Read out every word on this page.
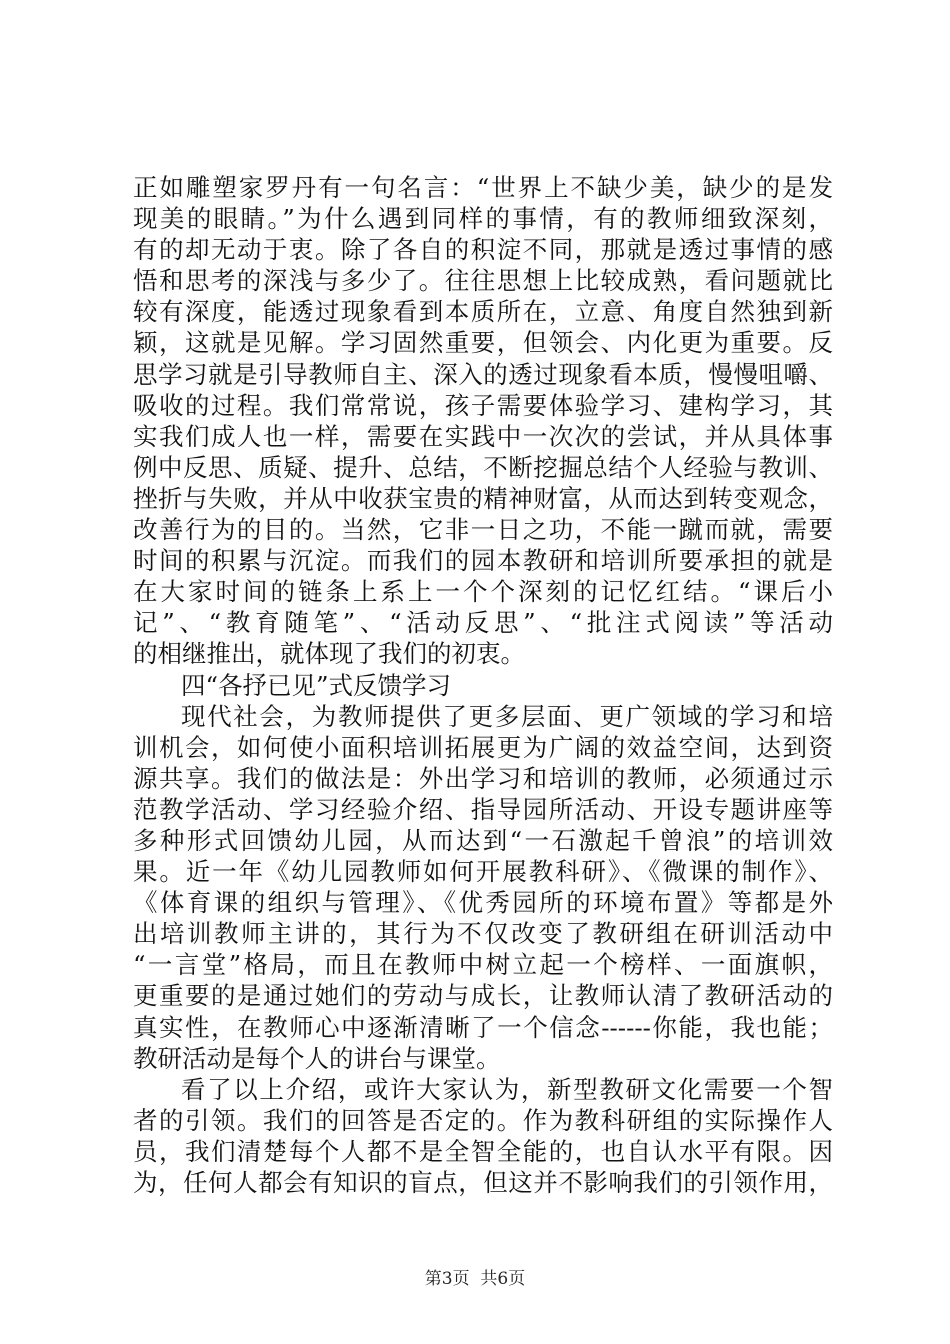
正如雕塑家罗丹有一句名言：“世界上不缺少美，缺少的是发
现美的眼睛。”为什么遇到同样的事情，有的教师细致深刻，
有的却无动于衷。除了各自的积淀不同，那就是透过事情的感
悟和思考的深浅与多少了。往往思想上比较成熟，看问题就比
较有深度，能透过现象看到本质所在，立意、角度自然独到新
颖，这就是见解。学习固然重要，但领会、内化更为重要。反
思学习就是引导教师自主、深入的透过现象看本质，慢慢咀嚼、
吸收的过程。我们常常说，孩子需要体验学习、建构学习，其
实我们成人也一样，需要在实践中一次次的尝试，并从具体事
例中反思、质疑、提升、总结，不断挖掘总结个人经验与教训、
挫折与失败，并从中收获宝贵的精神财富，从而达到转变观念，
改善行为的目的。当然，它非一日之功，不能一蹴而就，需要
时间的积累与沉淀。而我们的园本教研和培训所要承担的就是
在大家时间的链条上系上一个个深刻的记忆红结。“课后小
记”、“教育随笔”、“活动反思”、“批注式阅读”等活动
的相继推出，就体现了我们的初衷。
四“各抒已见”式反馈学习
现代社会，为教师提供了更多层面、更广领域的学习和培
训机会，如何使小面积培训拓展更为广阔的效益空间，达到资
源共享。我们的做法是：外出学习和培训的教师，必须通过示
范教学活动、学习经验介绍、指导园所活动、开设专题讲座等
多种形式回馈幼儿园，从而达到“一石激起千曾浪”的培训效
果。近一年《幼儿园教师如何开展教科研》、《微课的制作》、
《体育课的组织与管理》、《优秀园所的环境布置》等都是外
出培训教师主讲的，其行为不仅改变了教研组在研训活动中
“一言堂”格局，而且在教师中树立起一个榜样、一面旗帜，
更重要的是通过她们的劳动与成长，让教师认清了教研活动的
真实性，在教师心中逐渐清晰了一个信念------你能，我也能；
教研活动是每个人的讲台与课堂。
看了以上介绍，或许大家认为，新型教研文化需要一个智
者的引领。我们的回答是否定的。作为教科研组的实际操作人
员，我们清楚每个人都不是全智全能的，也自认水平有限。因
为，任何人都会有知识的盲点，但这并不影响我们的引领作用，
第3页  共6页
